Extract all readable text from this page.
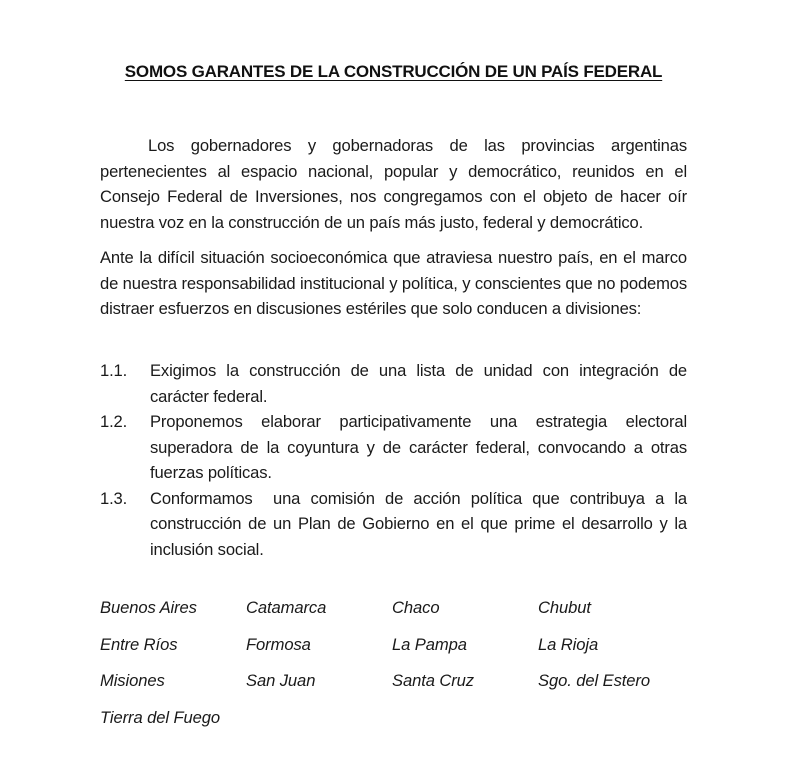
SOMOS GARANTES DE LA CONSTRUCCIÓN DE UN PAÍS FEDERAL

Los gobernadores y gobernadoras de las provincias argentinas pertenecientes al espacio nacional, popular y democrático, reunidos en el Consejo Federal de Inversiones, nos congregamos con el objeto de hacer oír nuestra voz en la construcción de un país más justo, federal y democrático.

Ante la difícil situación socioeconómica que atraviesa nuestro país, en el marco de nuestra responsabilidad institucional y política, y conscientes que no podemos distraer esfuerzos en discusiones estériles que solo conducen a divisiones:

1.1.	Exigimos la construcción de una lista de unidad con integración de carácter federal.
1.2.	Proponemos elaborar participativamente una estrategia electoral superadora de la coyuntura y de carácter federal, convocando a otras fuerzas políticas.
1.3.	Conformamos  una comisión de acción política que contribuya a la construcción de un Plan de Gobierno en el que prime el desarrollo y la inclusión social.
Buenos Aires	Catamarca	Chaco	Chubut
Entre Ríos	Formosa	La Pampa	La Rioja
Misiones	San Juan	Santa Cruz	Sgo. del Estero
Tierra del Fuego
